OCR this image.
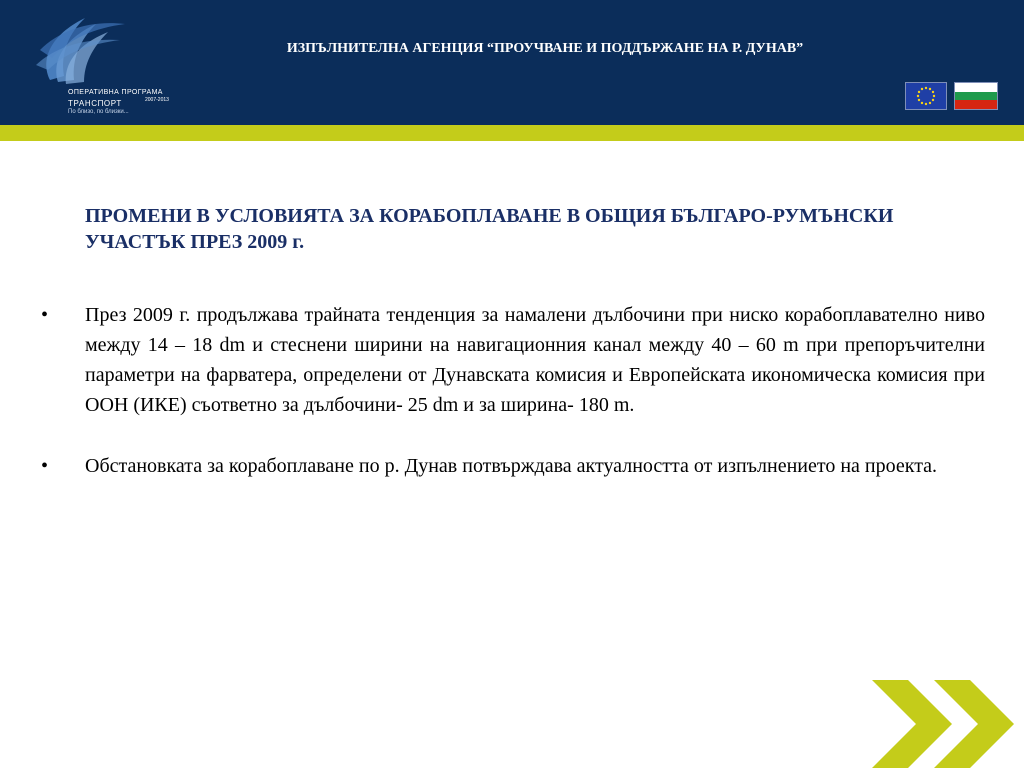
ОПЕРАТИВНА ПРОГРАМА
ТРАНСПОРТ	2007-2013
По близо, по близки...
ИЗПЪЛНИТЕЛНА АГЕНЦИЯ “ПРОУЧВАНЕ И ПОДДЪРЖАНЕ НА Р. ДУНАВ”
ПРОМЕНИ В УСЛОВИЯТА ЗА КОРАБОПЛАВАНЕ В ОБЩИЯ БЪЛГАРО-РУМЪНСКИ УЧАСТЪК ПРЕЗ 2009 г.
• През 2009 г. продължава трайната тенденция за намалени дълбочини при ниско корабоплавателно ниво между 14 – 18 dm и стеснени ширини на навигационния канал между 40 – 60 m при препоръчителни параметри на фарватера, определени от Дунавската комисия и Европейската икономическа комисия при ООН (ИКЕ) съответно за дълбочини- 25 dm и за ширина- 180 m.
• Обстановката за корабоплаване по р. Дунав потвърждава актуалността от изпълнението на проекта.
